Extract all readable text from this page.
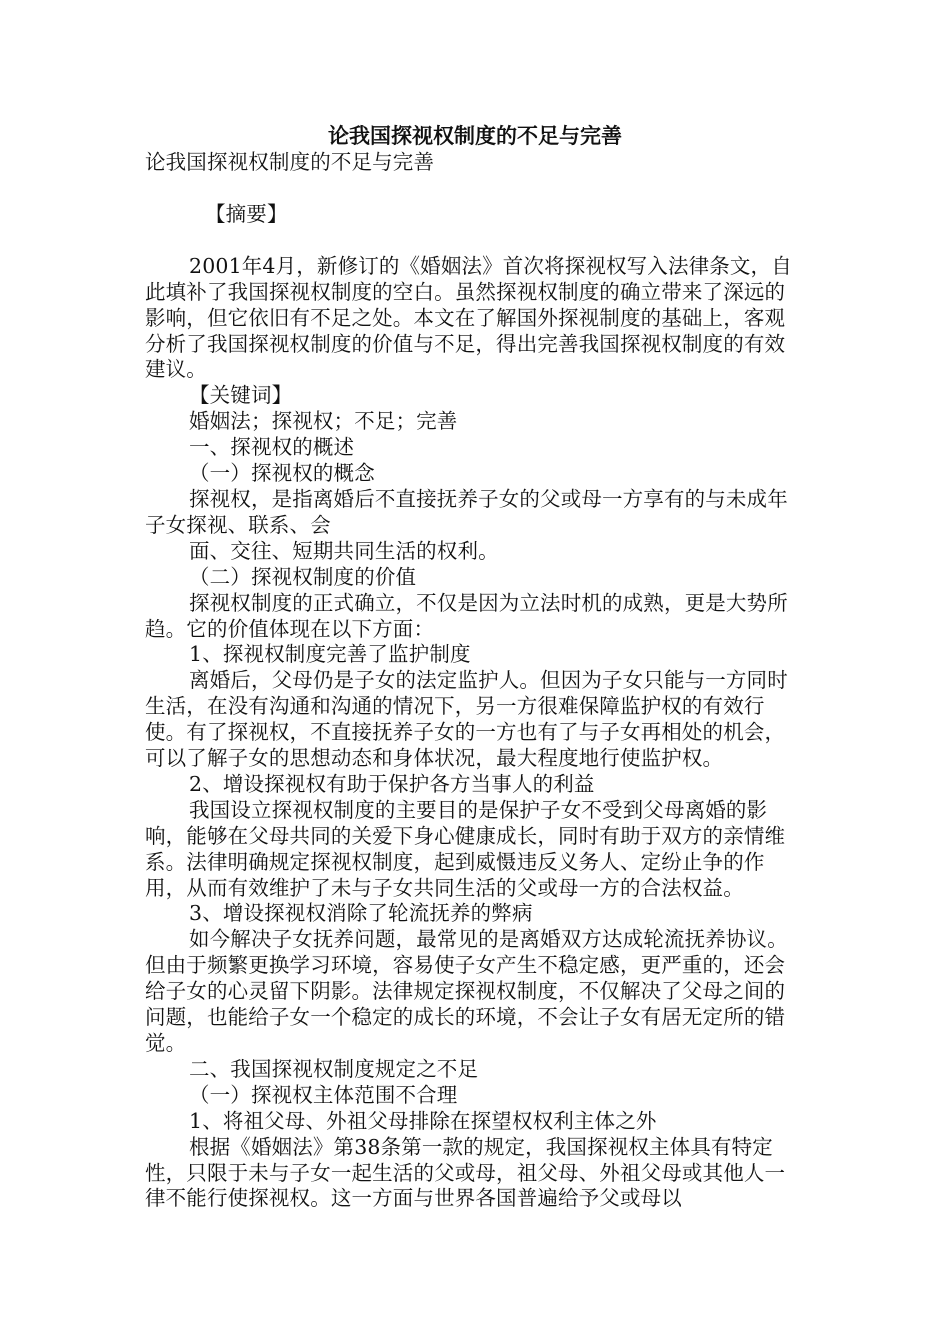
论我国探视权制度的不足与完善

论我国探视权制度的不足与完善

【摘要】

2001年4月，新修订的《婚姻法》首次将探视权写入法律条文，自此填补了我国探视权制度的空白。虽然探视权制度的确立带来了深远的影响，但它依旧有不足之处。本文在了解国外探视制度的基础上，客观分析了我国探视权制度的价值与不足，得出完善我国探视权制度的有效建议。

【关键词】

婚姻法；探视权；不足；完善

一、探视权的概述

（一）探视权的概念

探视权，是指离婚后不直接抚养子女的父或母一方享有的与未成年子女探视、联系、会

面、交往、短期共同生活的权利。

（二）探视权制度的价值

探视权制度的正式确立，不仅是因为立法时机的成熟，更是大势所趋。它的价值体现在以下方面：

1、探视权制度完善了监护制度

离婚后，父母仍是子女的法定监护人。但因为子女只能与一方同时生活，在没有沟通和沟通的情况下，另一方很难保障监护权的有效行使。有了探视权，不直接抚养子女的一方也有了与子女再相处的机会，可以了解子女的思想动态和身体状况，最大程度地行使监护权。

2、增设探视权有助于保护各方当事人的利益

我国设立探视权制度的主要目的是保护子女不受到父母离婚的影响，能够在父母共同的关爱下身心健康成长，同时有助于双方的亲情维系。法律明确规定探视权制度，起到威慑违反义务人、定纷止争的作用，从而有效维护了未与子女共同生活的父或母一方的合法权益。

3、增设探视权消除了轮流抚养的弊病

如今解决子女抚养问题，最常见的是离婚双方达成轮流抚养协议。但由于频繁更换学习环境，容易使子女产生不稳定感，更严重的，还会给子女的心灵留下阴影。法律规定探视权制度，不仅解决了父母之间的问题，也能给子女一个稳定的成长的环境，不会让子女有居无定所的错觉。

二、我国探视权制度规定之不足

（一）探视权主体范围不合理

1、将祖父母、外祖父母排除在探望权权利主体之外

根据《婚姻法》第38条第一款的规定，我国探视权主体具有特定性，只限于未与子女一起生活的父或母，祖父母、外祖父母或其他人一律不能行使探视权。这一方面与世界各国普遍给予父或母以
